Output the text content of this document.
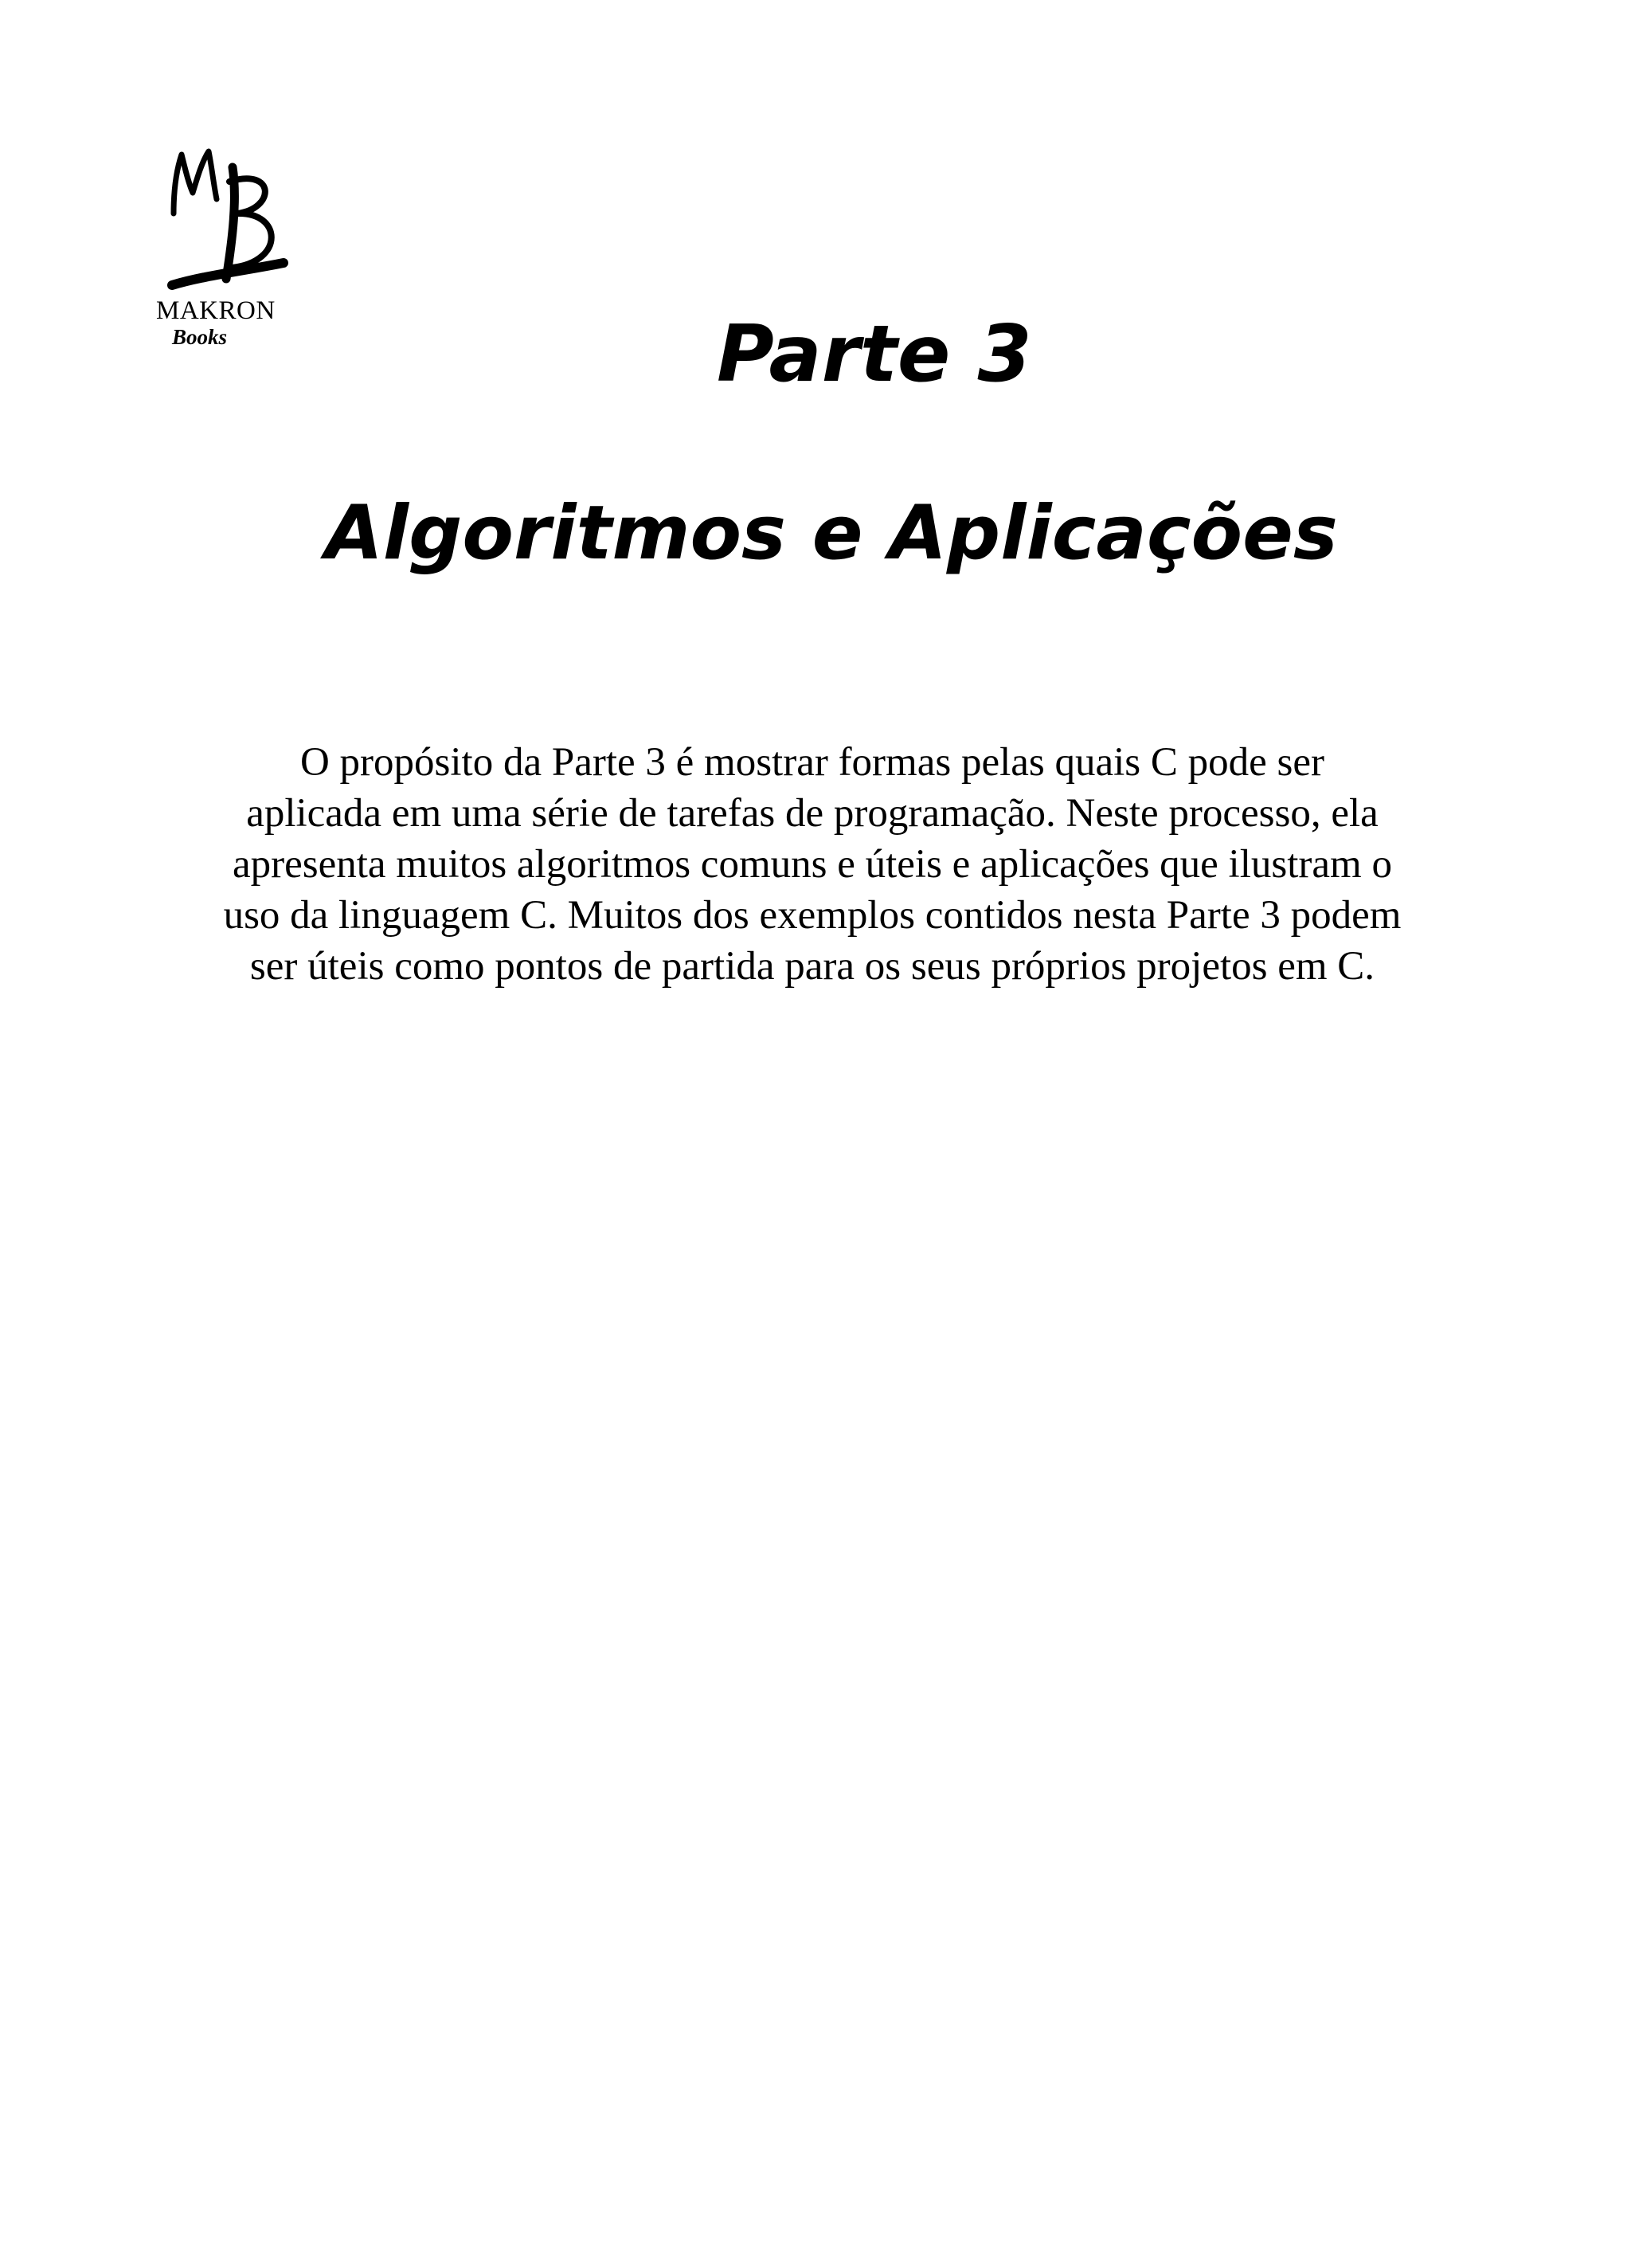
MAKRON
Books	Parte 3
Algoritmos e Aplicações

O propósito da Parte 3 é mostrar formas pelas quais C pode ser
aplicada em uma série de tarefas de programação. Neste processo, ela
apresenta muitos algoritmos comuns e úteis e aplicações que ilustram o
uso da linguagem C. Muitos dos exemplos contidos nesta Parte 3 podem
ser úteis como pontos de partida para os seus próprios projetos em C.
